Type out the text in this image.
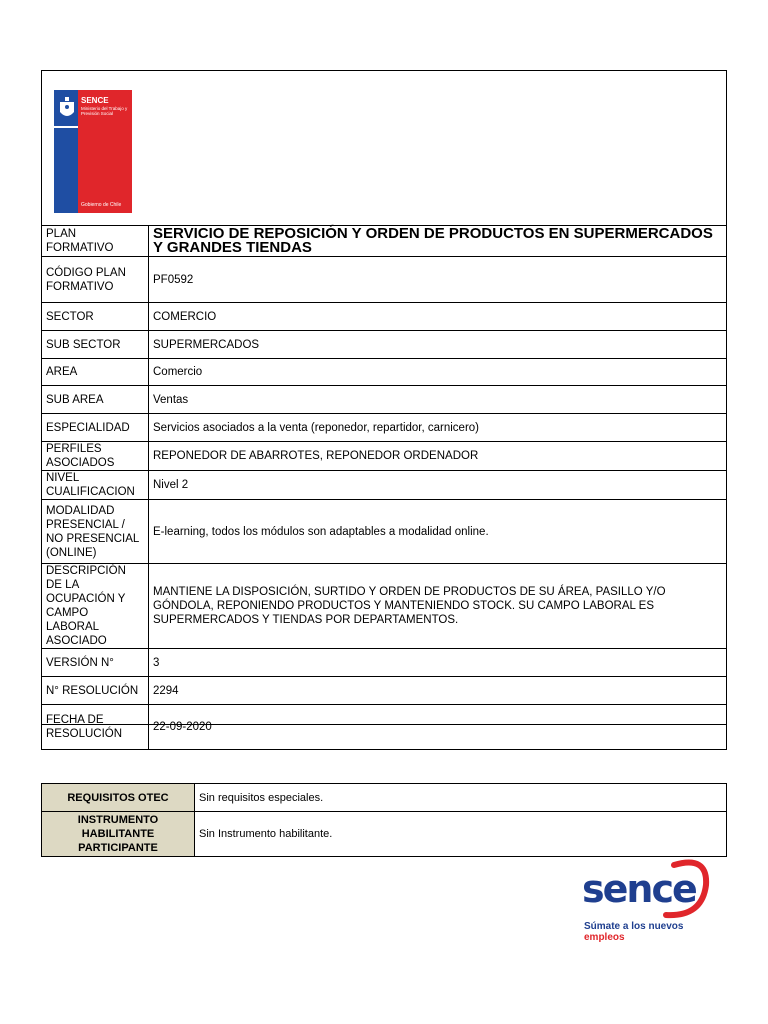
SENCE
Ministerio del Trabajo y Previsión Social
Gobierno de Chile
PLAN FORMATIVO	SERVICIO DE REPOSICIÓN Y ORDEN DE PRODUCTOS EN SUPERMERCADOS Y GRANDES TIENDAS
CÓDIGO PLAN FORMATIVO	PF0592
SECTOR	COMERCIO
SUB SECTOR	SUPERMERCADOS
AREA	Comercio
SUB AREA	Ventas
ESPECIALIDAD	Servicios asociados a la venta (reponedor, repartidor, carnicero)
PERFILES ASOCIADOS	REPONEDOR DE ABARROTES, REPONEDOR ORDENADOR
NIVEL CUALIFICACION	Nivel 2
MODALIDAD PRESENCIAL / NO PRESENCIAL (ONLINE)	E-learning, todos los módulos son adaptables a modalidad online.
DESCRIPCIÓN DE LA OCUPACIÓN Y CAMPO LABORAL ASOCIADO	MANTIENE LA DISPOSICIÓN, SURTIDO Y ORDEN DE PRODUCTOS DE SU ÁREA, PASILLO Y/O GÓNDOLA, REPONIENDO PRODUCTOS Y MANTENIENDO STOCK. SU CAMPO LABORAL ES SUPERMERCADOS Y TIENDAS POR DEPARTAMENTOS.
VERSIÓN N°	3
N° RESOLUCIÓN	2294
FECHA DE RESOLUCIÓN	22-09-2020
REQUISITOS OTEC	Sin requisitos especiales.
INSTRUMENTO HABILITANTE PARTICIPANTE	Sin Instrumento habilitante.
sence
Súmate a los nuevos empleos
